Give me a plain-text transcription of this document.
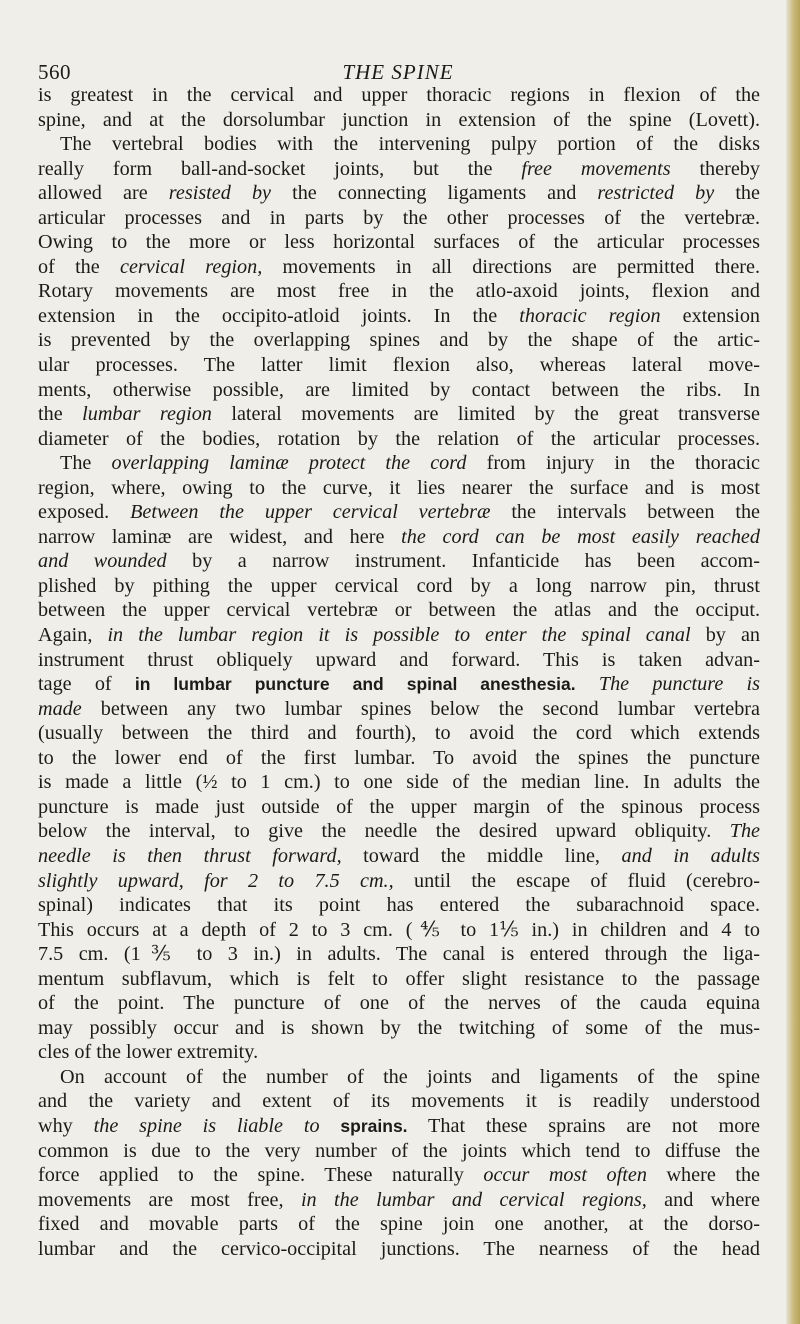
560	THE SPINE
is greatest in the cervical and upper thoracic regions in flexion of the
spine, and at the dorsolumbar junction in extension of the spine (Lovett).
The vertebral bodies with the intervening pulpy portion of the disks
really form ball-and-socket joints, but the free movements thereby
allowed are resisted by the connecting ligaments and restricted by the
articular processes and in parts by the other processes of the vertebræ.
Owing to the more or less horizontal surfaces of the articular processes
of the cervical region, movements in all directions are permitted there.
Rotary movements are most free in the atlo-axoid joints, flexion and
extension in the occipito-atloid joints. In the thoracic region extension
is prevented by the overlapping spines and by the shape of the artic-
ular processes. The latter limit flexion also, whereas lateral move-
ments, otherwise possible, are limited by contact between the ribs. In
the lumbar region lateral movements are limited by the great transverse
diameter of the bodies, rotation by the relation of the articular processes.
The overlapping laminæ protect the cord from injury in the thoracic
region, where, owing to the curve, it lies nearer the surface and is most
exposed. Between the upper cervical vertebræ the intervals between the
narrow laminæ are widest, and here the cord can be most easily reached
and wounded by a narrow instrument. Infanticide has been accom-
plished by pithing the upper cervical cord by a long narrow pin, thrust
between the upper cervical vertebræ or between the atlas and the occiput.
Again, in the lumbar region it is possible to enter the spinal canal by an
instrument thrust obliquely upward and forward. This is taken advan-
tage of in lumbar puncture and spinal anesthesia. The puncture is
made between any two lumbar spines below the second lumbar vertebra
(usually between the third and fourth), to avoid the cord which extends
to the lower end of the first lumbar. To avoid the spines the puncture
is made a little (½ to 1 cm.) to one side of the median line. In adults the
puncture is made just outside of the upper margin of the spinous process
below the interval, to give the needle the desired upward obliquity. The
needle is then thrust forward, toward the middle line, and in adults
slightly upward, for 2 to 7.5 cm., until the escape of fluid (cerebro-
spinal) indicates that its point has entered the subarachnoid space.
This occurs at a depth of 2 to 3 cm. (⅘ to 1⅕ in.) in children and 4 to
7.5 cm. (1⅗ to 3 in.) in adults. The canal is entered through the liga-
mentum subflavum, which is felt to offer slight resistance to the passage
of the point. The puncture of one of the nerves of the cauda equina
may possibly occur and is shown by the twitching of some of the mus-
cles of the lower extremity.
On account of the number of the joints and ligaments of the spine
and the variety and extent of its movements it is readily understood
why the spine is liable to sprains. That these sprains are not more
common is due to the very number of the joints which tend to diffuse the
force applied to the spine. These naturally occur most often where the
movements are most free, in the lumbar and cervical regions, and where
fixed and movable parts of the spine join one another, at the dorso-
lumbar and the cervico-occipital junctions. The nearness of the head
